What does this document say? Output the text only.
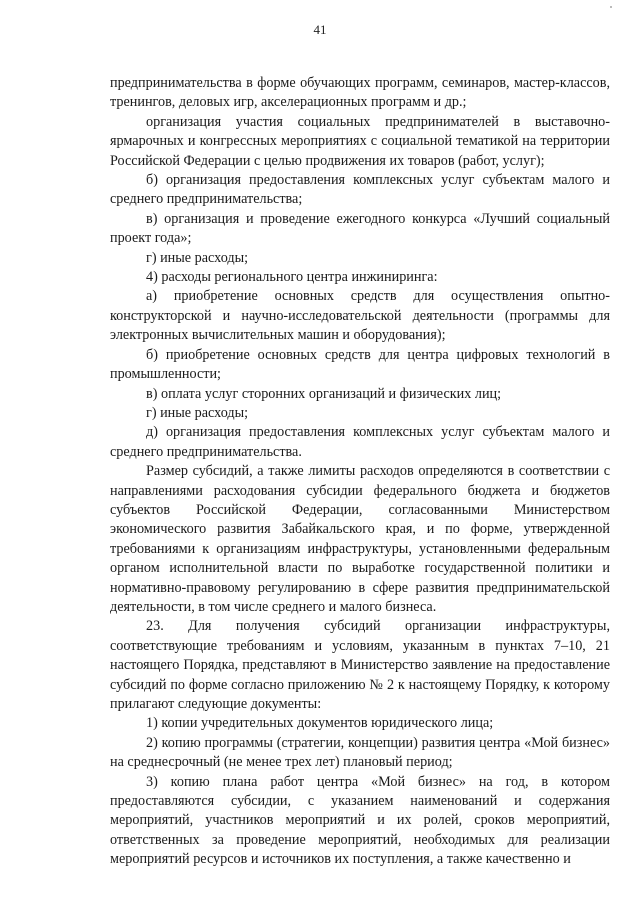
41

предпринимательства в форме обучающих программ, семинаров, мастер-классов, тренингов, деловых игр, акселерационных программ и др.;

организация участия социальных предпринимателей в выставочно-ярмарочных и конгрессных мероприятиях с социальной тематикой на территории Российской Федерации с целью продвижения их товаров (работ, услуг);

б) организация предоставления комплексных услуг субъектам малого и среднего предпринимательства;

в) организация и проведение ежегодного конкурса «Лучший социальный проект года»;

г) иные расходы;

4) расходы регионального центра инжиниринга:

а) приобретение основных средств для осуществления опытно-конструкторской и научно-исследовательской деятельности (программы для электронных вычислительных машин и оборудования);

б) приобретение основных средств для центра цифровых технологий в промышленности;

в) оплата услуг сторонних организаций и физических лиц;

г) иные расходы;

д) организация предоставления комплексных услуг субъектам малого и среднего предпринимательства.

Размер субсидий, а также лимиты расходов определяются в соответствии с направлениями расходования субсидии федерального бюджета и бюджетов субъектов Российской Федерации, согласованными Министерством экономического развития Забайкальского края, и по форме, утвержденной требованиями к организациям инфраструктуры, установленными федеральным органом исполнительной власти по выработке государственной политики и нормативно-правовому регулированию в сфере развития предпринимательской деятельности, в том числе среднего и малого бизнеса.

23. Для получения субсидий организации инфраструктуры, соответствующие требованиям и условиям, указанным в пунктах 7–10, 21 настоящего Порядка, представляют в Министерство заявление на предоставление субсидий по форме согласно приложению № 2 к настоящему Порядку, к которому прилагают следующие документы:

1) копии учредительных документов юридического лица;

2) копию программы (стратегии, концепции) развития центра «Мой бизнес» на среднесрочный (не менее трех лет) плановый период;

3) копию плана работ центра «Мой бизнес» на год, в котором предоставляются субсидии, с указанием наименований и содержания мероприятий, участников мероприятий и их ролей, сроков мероприятий, ответственных за проведение мероприятий, необходимых для реализации мероприятий ресурсов и источников их поступления, а также качественно и
